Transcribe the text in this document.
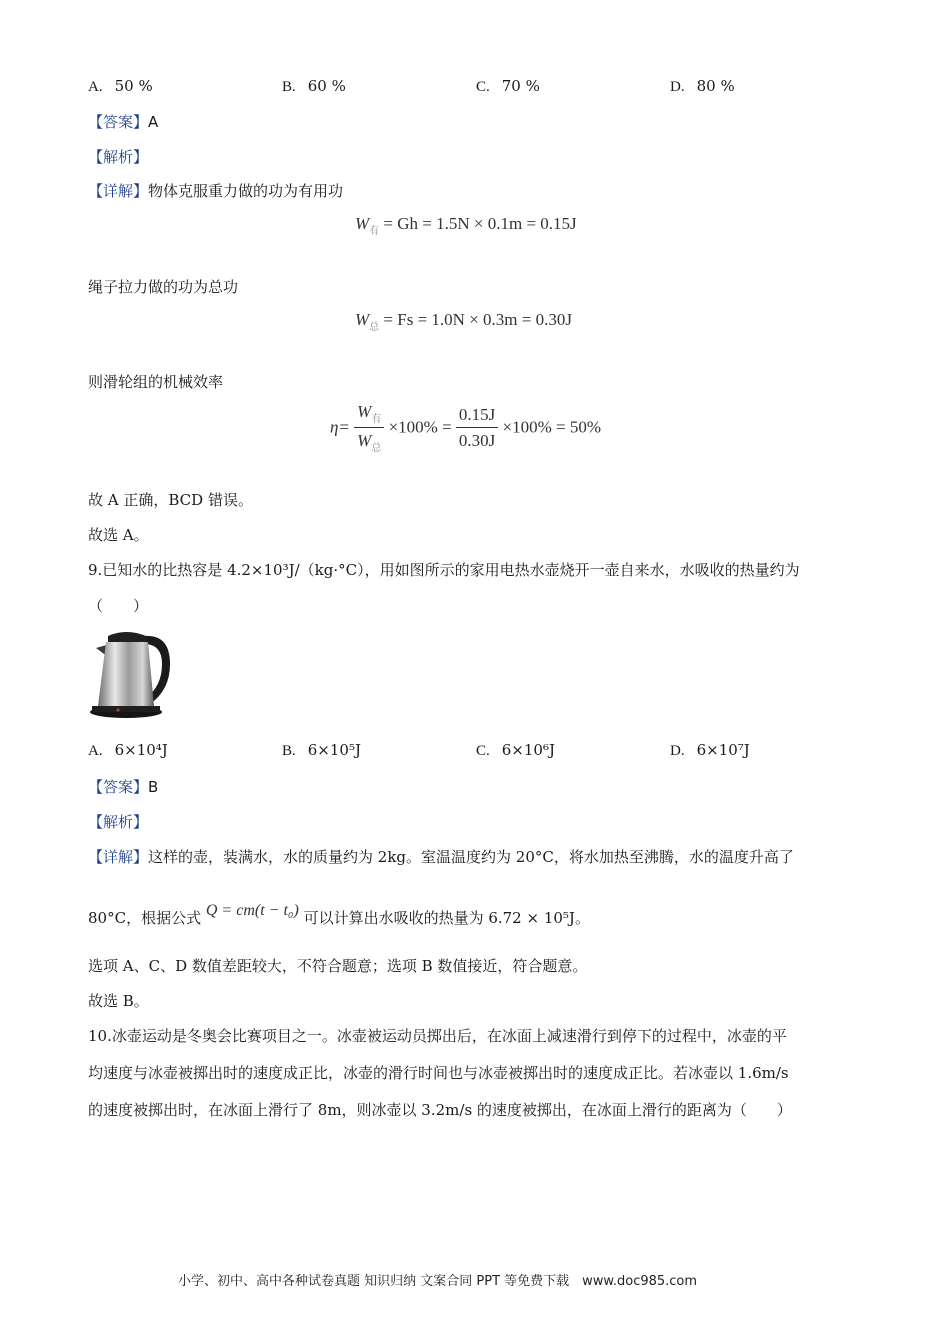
A. 50 %	B. 60 %	C. 70 %	D. 80 %
【答案】A
【解析】
【详解】物体克服重力做的功为有用功
$W_有 = Gh = 1.5N \times 0.1m = 0.15J$
绳子拉力做的功为总功
$W_总 = Fs = 1.0N \times 0.3m = 0.30J$
则滑轮组的机械效率
$\eta= \frac{W_有}{W_总} \times 100\% = \frac{0.15J}{0.30J} \times 100\% = 50\%$
故 A 正确，BCD 错误。
故选 A。
9.已知水的比热容是 4.2×10³J/（kg·°C），用如图所示的家用电热水壶烧开一壶自来水，水吸收的热量约为
（　　）
A. 6×10⁴J	B. 6×10⁵J	C. 6×10⁶J	D. 6×10⁷J
【答案】B
【解析】
【详解】这样的壶，装满水，水的质量约为 2kg。室温温度约为 20°C，将水加热至沸腾，水的温度升高了
80°C，根据公式 Q = cm(t − t₀) 可以计算出水吸收的热量为 6.72 × 10⁵J。
选项 A、C、D 数值差距较大，不符合题意；选项 B 数值接近，符合题意。
故选 B。
10.冰壶运动是冬奥会比赛项目之一。冰壶被运动员掷出后，在冰面上减速滑行到停下的过程中，冰壶的平
均速度与冰壶被掷出时的速度成正比，冰壶的滑行时间也与冰壶被掷出时的速度成正比。若冰壶以 1.6m/s
的速度被掷出时，在冰面上滑行了 8m，则冰壶以 3.2m/s 的速度被掷出，在冰面上滑行的距离为（　　）
小学、初中、高中各种试卷真题 知识归纳 文案合同 PPT 等免费下载　www.doc985.com
